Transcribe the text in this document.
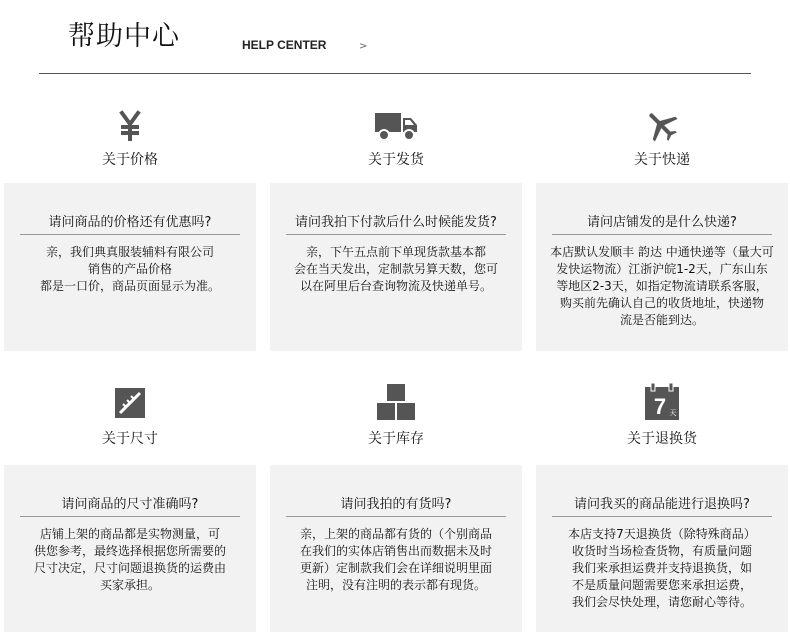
帮助中心	HELP CENTER	>
关于价格
请问商品的价格还有优惠吗?
亲，我们典真服装辅料有限公司
销售的产品价格
都是一口价，商品页面显示为准。
关于发货
请问我拍下付款后什么时候能发货?
亲，下午五点前下单现货款基本都
会在当天发出，定制款另算天数，您可
以在阿里后台查询物流及快递单号。
关于快递
请问店铺发的是什么快递?
本店默认发顺丰 韵达 中通快递等（量大可
发快运物流）江浙沪皖1-2天，广东山东
等地区2-3天，如指定物流请联系客服，
购买前先确认自己的收货地址，快递物
流是否能到达。
关于尺寸
请问商品的尺寸准确吗?
店铺上架的商品都是实物测量，可
供您参考，最终选择根据您所需要的
尺寸决定，尺寸问题退换货的运费由
买家承担。
关于库存
请问我拍的有货吗?
亲，上架的商品都有货的（个别商品
在我们的实体店销售出而数据未及时
更新）定制款我们会在详细说明里面
注明，没有注明的表示都有现货。
7 天
关于退换货
请问我买的商品能进行退换吗?
本店支持7天退换货（除特殊商品）
收货时当场检查货物，有质量问题
我们来承担运费并支持退换货，如
不是质量问题需要您来承担运费，
我们会尽快处理，请您耐心等待。
